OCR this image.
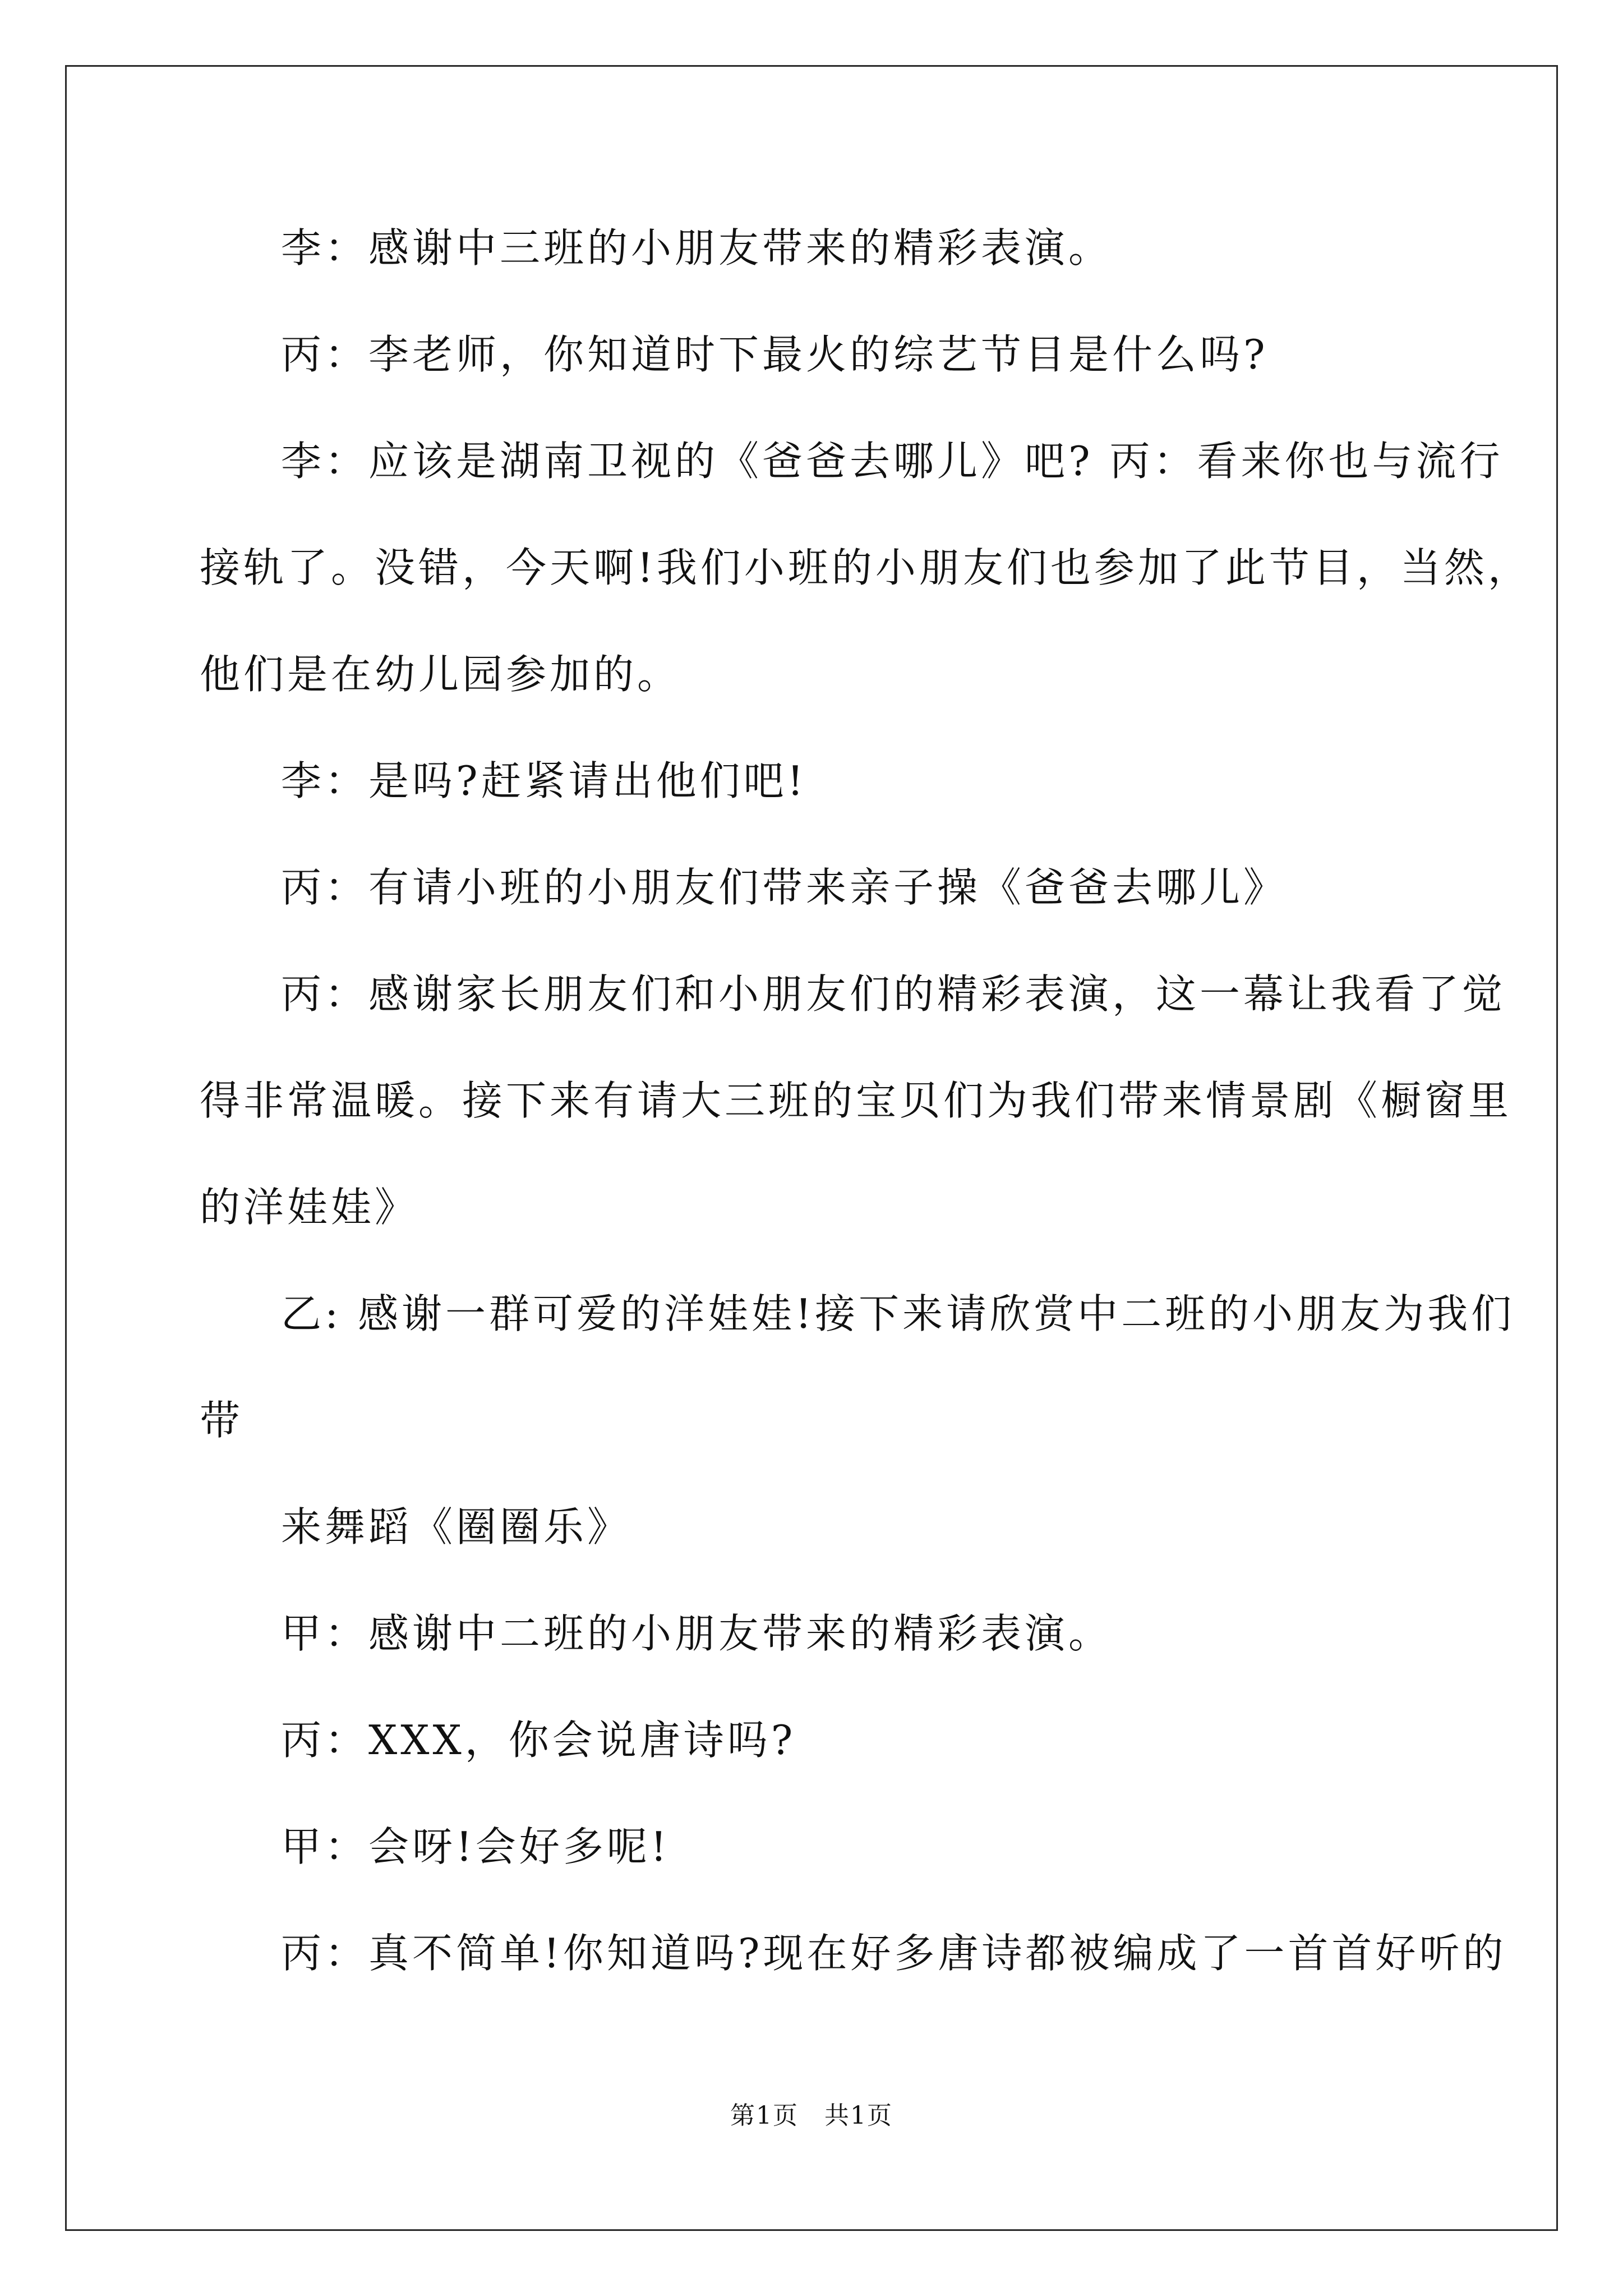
李：感谢中三班的小朋友带来的精彩表演。
丙：李老师，你知道时下最火的综艺节目是什么吗?
李：应该是湖南卫视的《爸爸去哪儿》吧? 丙：看来你也与流行
接轨了。没错，今天啊!我们小班的小朋友们也参加了此节目，当然，
他们是在幼儿园参加的。
李：是吗?赶紧请出他们吧!
丙：有请小班的小朋友们带来亲子操《爸爸去哪儿》
丙：感谢家长朋友们和小朋友们的精彩表演，这一幕让我看了觉
得非常温暖。接下来有请大三班的宝贝们为我们带来情景剧《橱窗里
的洋娃娃》
乙: 感谢一群可爱的洋娃娃!接下来请欣赏中二班的小朋友为我们
带
来舞蹈《圈圈乐》
甲：感谢中二班的小朋友带来的精彩表演。
丙：XXX，你会说唐诗吗?
甲：会呀!会好多呢!
丙：真不简单!你知道吗?现在好多唐诗都被编成了一首首好听的
第1页　共1页
